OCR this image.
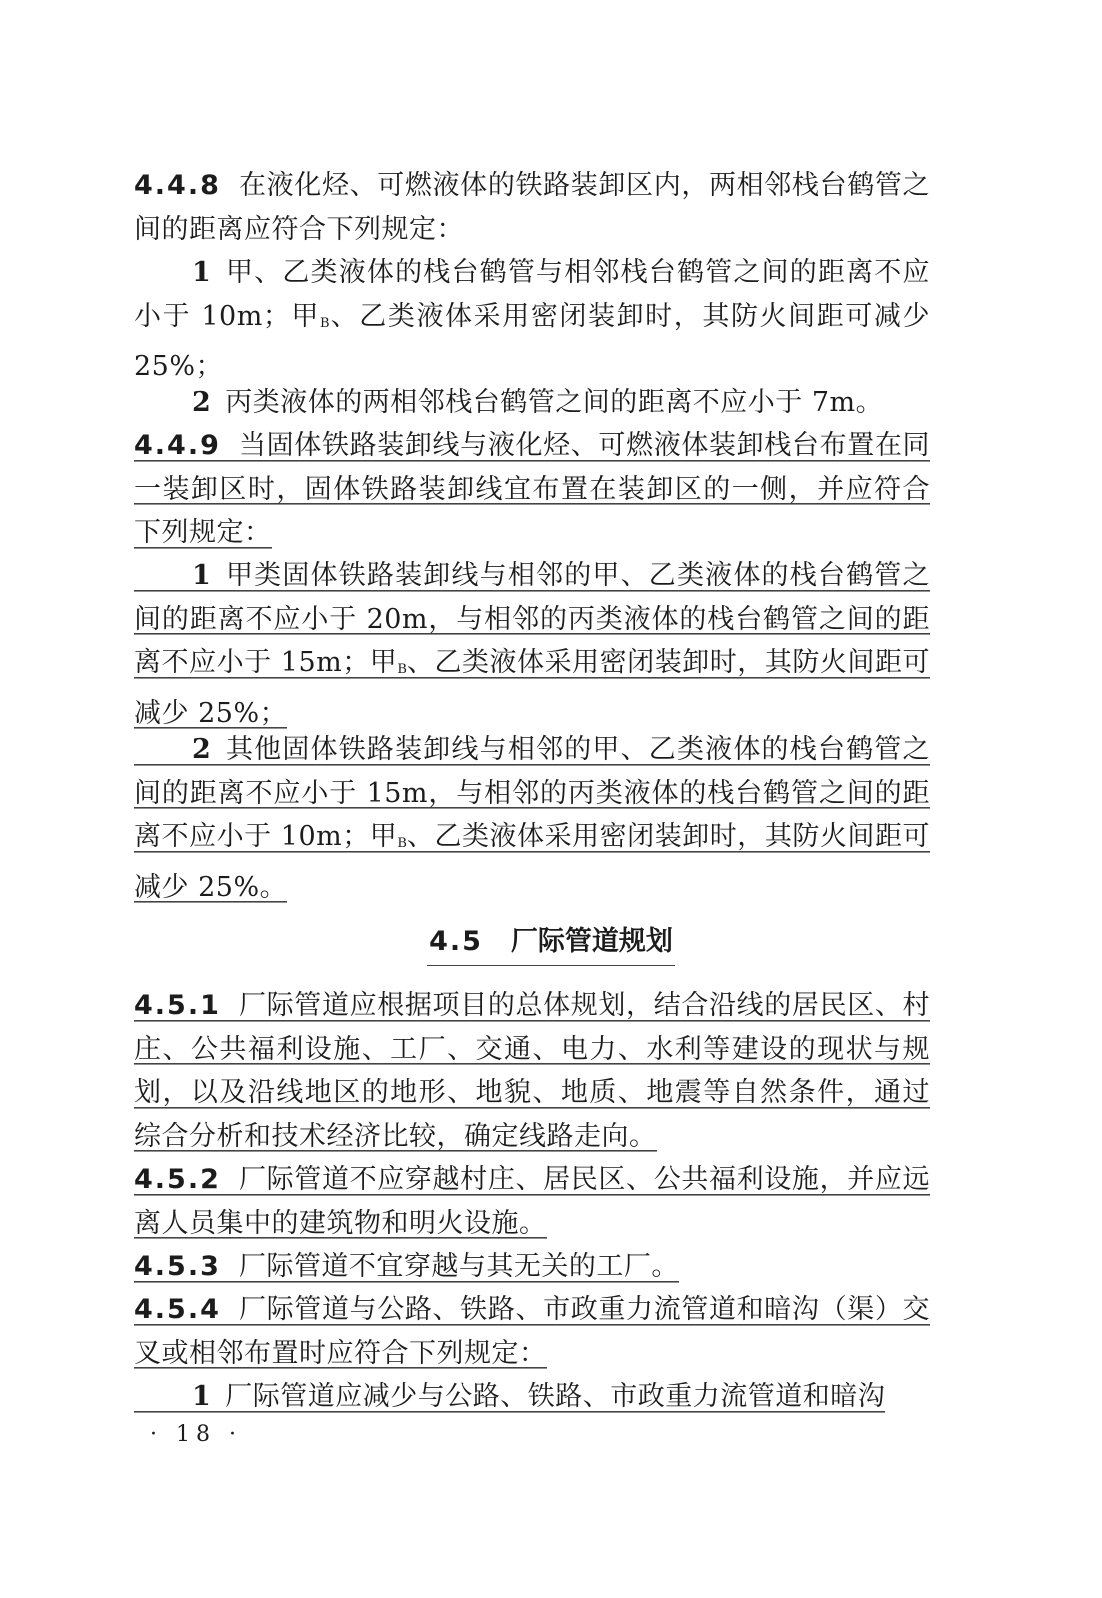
4.4.8 在液化烃、可燃液体的铁路装卸区内，两相邻栈台鹤管之间的距离应符合下列规定：
1 甲、乙类液体的栈台鹤管与相邻栈台鹤管之间的距离不应小于 10m；甲B、乙类液体采用密闭装卸时，其防火间距可减少25%；
2 丙类液体的两相邻栈台鹤管之间的距离不应小于 7m。
4.4.9 当固体铁路装卸线与液化烃、可燃液体装卸栈台布置在同一装卸区时，固体铁路装卸线宜布置在装卸区的一侧，并应符合下列规定：
1 甲类固体铁路装卸线与相邻的甲、乙类液体的栈台鹤管之间的距离不应小于 20m，与相邻的丙类液体的栈台鹤管之间的距离不应小于 15m；甲B、乙类液体采用密闭装卸时，其防火间距可减少 25%；
2 其他固体铁路装卸线与相邻的甲、乙类液体的栈台鹤管之间的距离不应小于 15m，与相邻的丙类液体的栈台鹤管之间的距离不应小于 10m；甲B、乙类液体采用密闭装卸时，其防火间距可减少 25%。
4.5 厂际管道规划
4.5.1 厂际管道应根据项目的总体规划，结合沿线的居民区、村庄、公共福利设施、工厂、交通、电力、水利等建设的现状与规划，以及沿线地区的地形、地貌、地质、地震等自然条件，通过综合分析和技术经济比较，确定线路走向。
4.5.2 厂际管道不应穿越村庄、居民区、公共福利设施，并应远离人员集中的建筑物和明火设施。
4.5.3 厂际管道不宜穿越与其无关的工厂。
4.5.4 厂际管道与公路、铁路、市政重力流管道和暗沟（渠）交叉或相邻布置时应符合下列规定：
1 厂际管道应减少与公路、铁路、市政重力流管道和暗沟
· 18 ·
